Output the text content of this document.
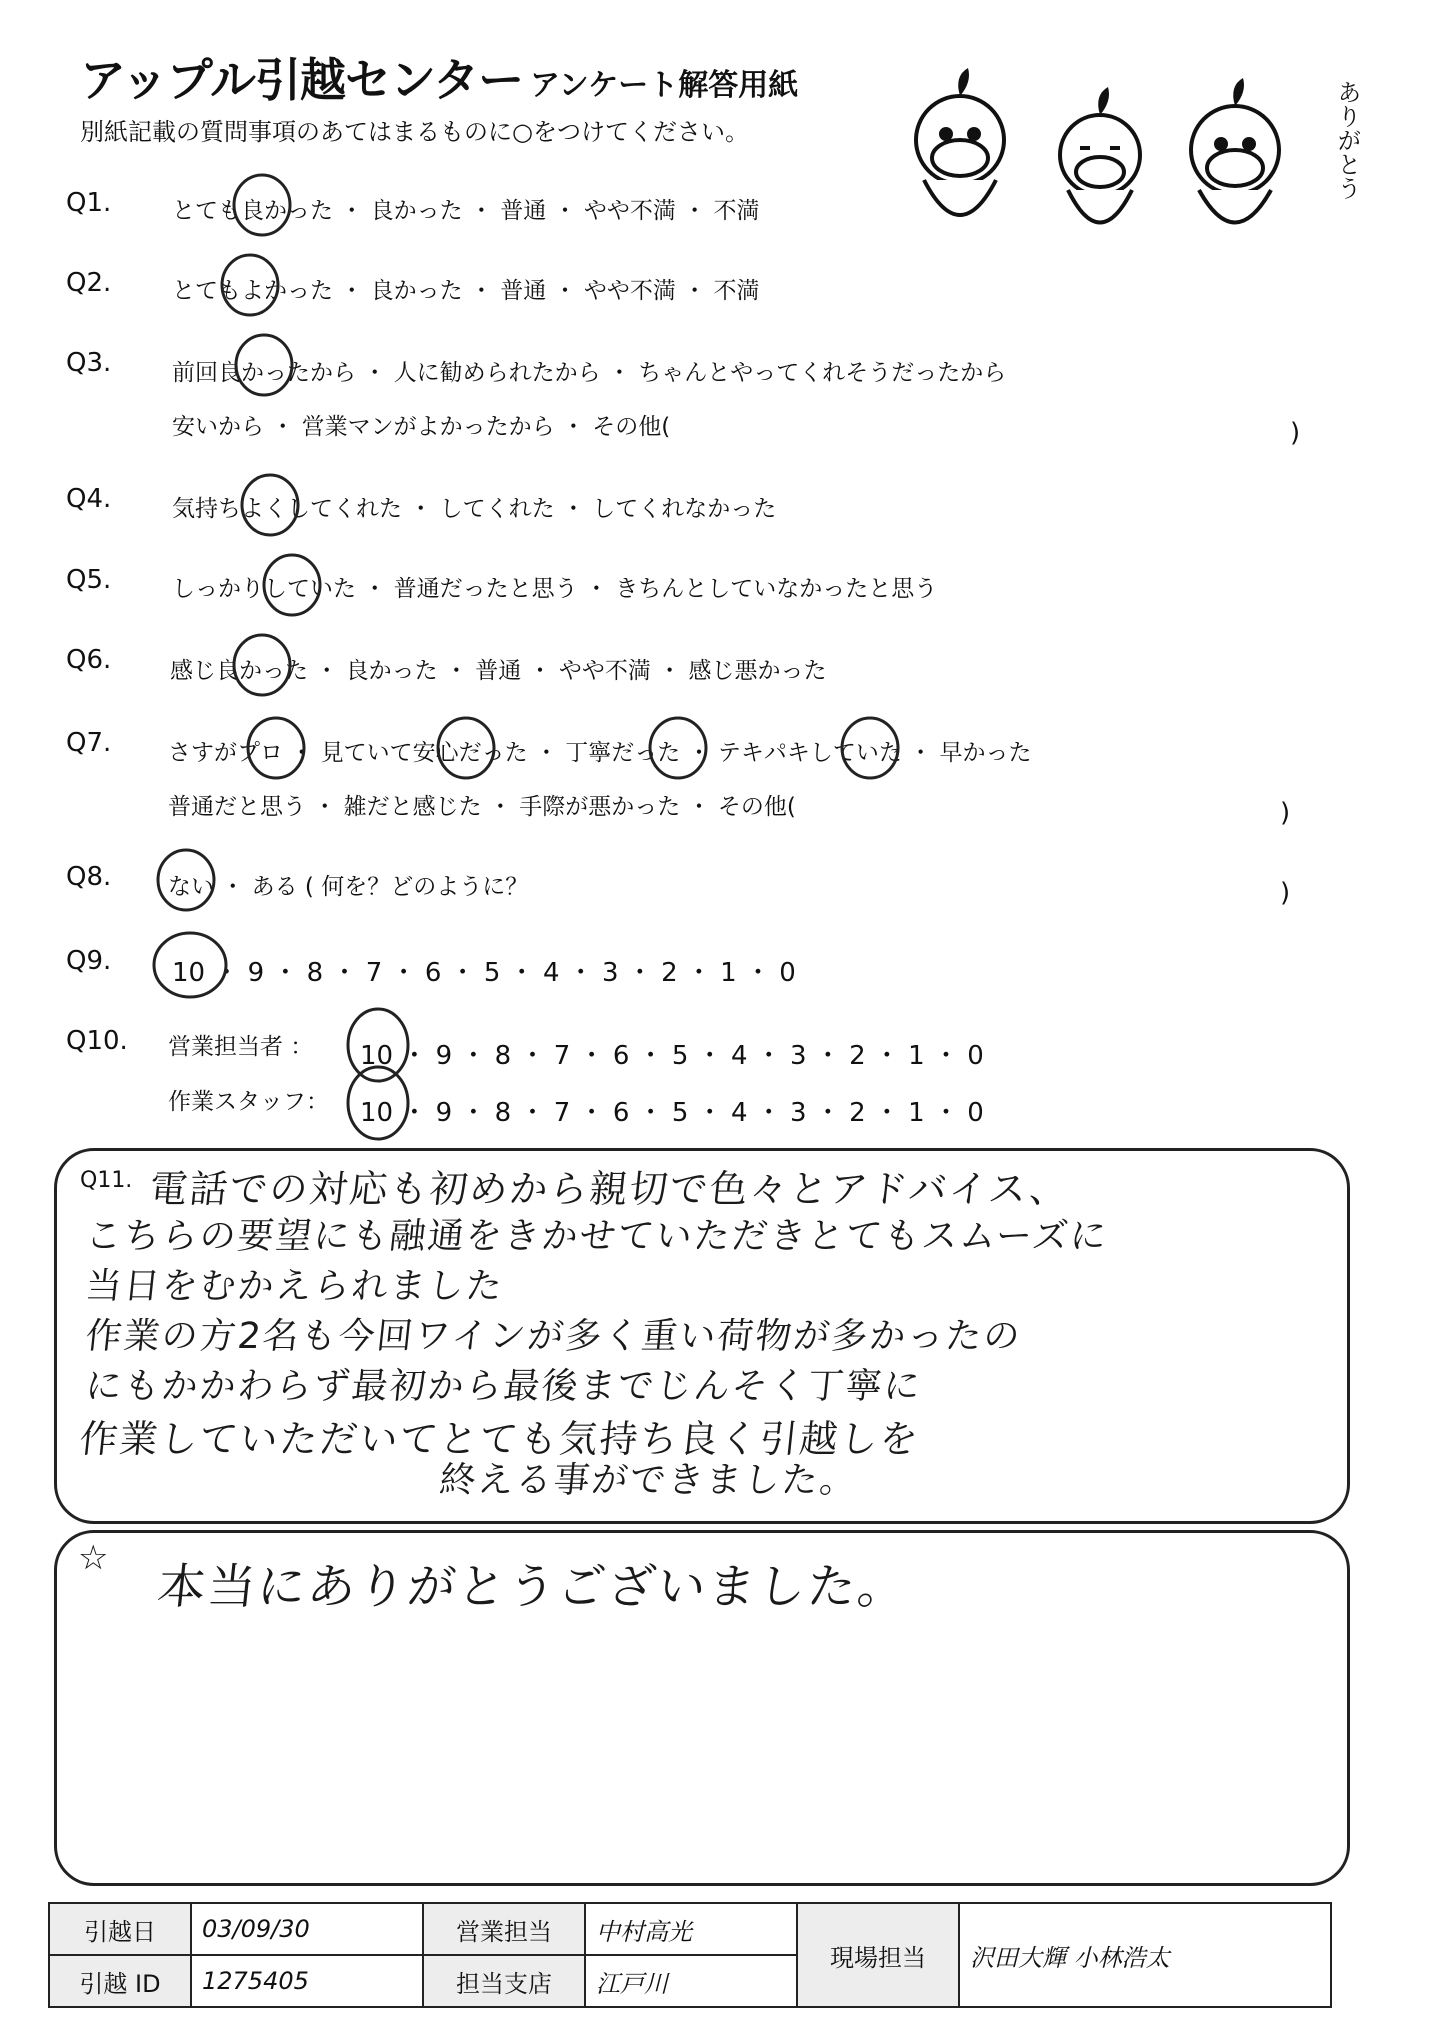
アップル引越センター アンケート解答用紙
別紙記載の質問事項のあてはまるものに○をつけてください。	ありがとう
Q1.	とても良かった ・ 良かった ・ 普通 ・ やや不満 ・ 不満
Q2.	とてもよかった ・ 良かった ・ 普通 ・ やや不満 ・ 不満
Q3.	前回良かったから ・ 人に勧められたから ・ ちゃんとやってくれそうだったから
安いから ・ 営業マンがよかったから ・ その他(	)
Q4.	気持ちよくしてくれた ・ してくれた ・ してくれなかった
Q5.	しっかりしていた ・ 普通だったと思う ・ きちんとしていなかったと思う
Q6.	感じ良かった ・ 良かった ・ 普通 ・ やや不満 ・ 感じ悪かった
Q7. さすがプロ ・ 見ていて安心だった ・ 丁寧だった ・ テキパキしていた ・ 早かった
普通だと思う ・ 雑だと感じた ・ 手際が悪かった ・ その他(	)
Q8. ない ・ ある ( 何を？どのように？	)
Q9. 10 ・ 9 ・ 8 ・ 7 ・ 6 ・ 5 ・ 4 ・ 3 ・ 2 ・ 1 ・ 0
Q10. 営業担当者 ： 10 ・ 9 ・ 8 ・ 7 ・ 6 ・ 5 ・ 4 ・ 3 ・ 2 ・ 1 ・ 0
作業スタッフ： 10 ・ 9 ・ 8 ・ 7 ・ 6 ・ 5 ・ 4 ・ 3 ・ 2 ・ 1 ・ 0
Q11. 電話での対応も初めから親切で色々とアドバイス、
こちらの要望にも融通をきかせていただきとてもスムーズに
当日をむかえられました
作業の方2名も今回ワインが多く重い荷物が多かったの
にもかかわらず最初から最後までじんそく丁寧に
作業していただいてとても気持ち良く引越しを
終える事ができました。
☆
本当にありがとうございました。
引越日	03/09/30	営業担当	中村高光	現場担当	沢田大輝 小林浩太
引越 ID	1275405	担当支店	江戸川		
